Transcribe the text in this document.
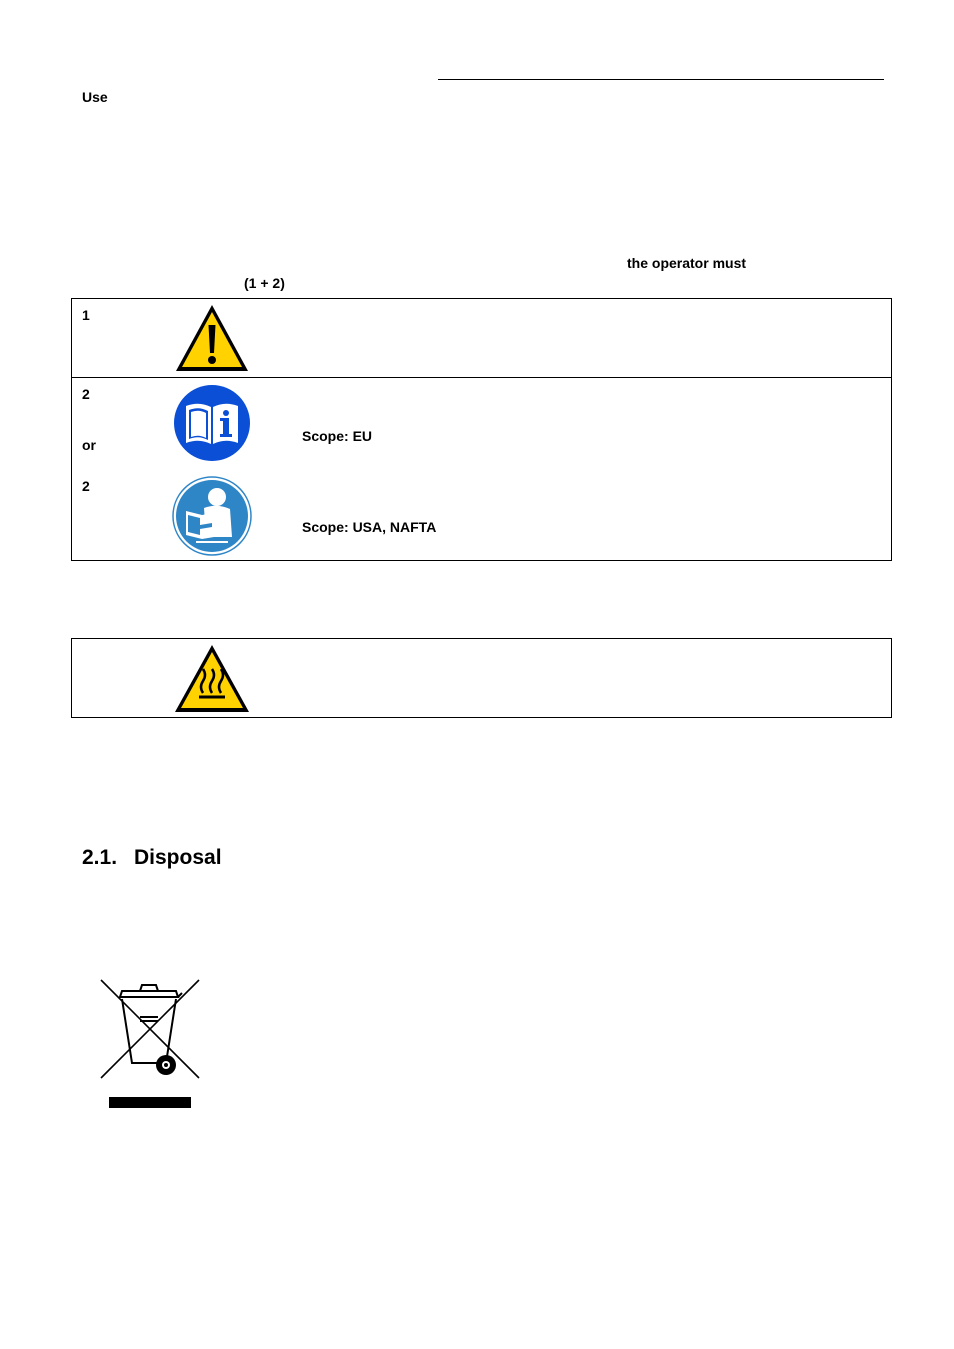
Use
the operator must
(1 + 2)
1
2
Scope: EU
or
2
Scope: USA, NAFTA
2.1. Disposal
